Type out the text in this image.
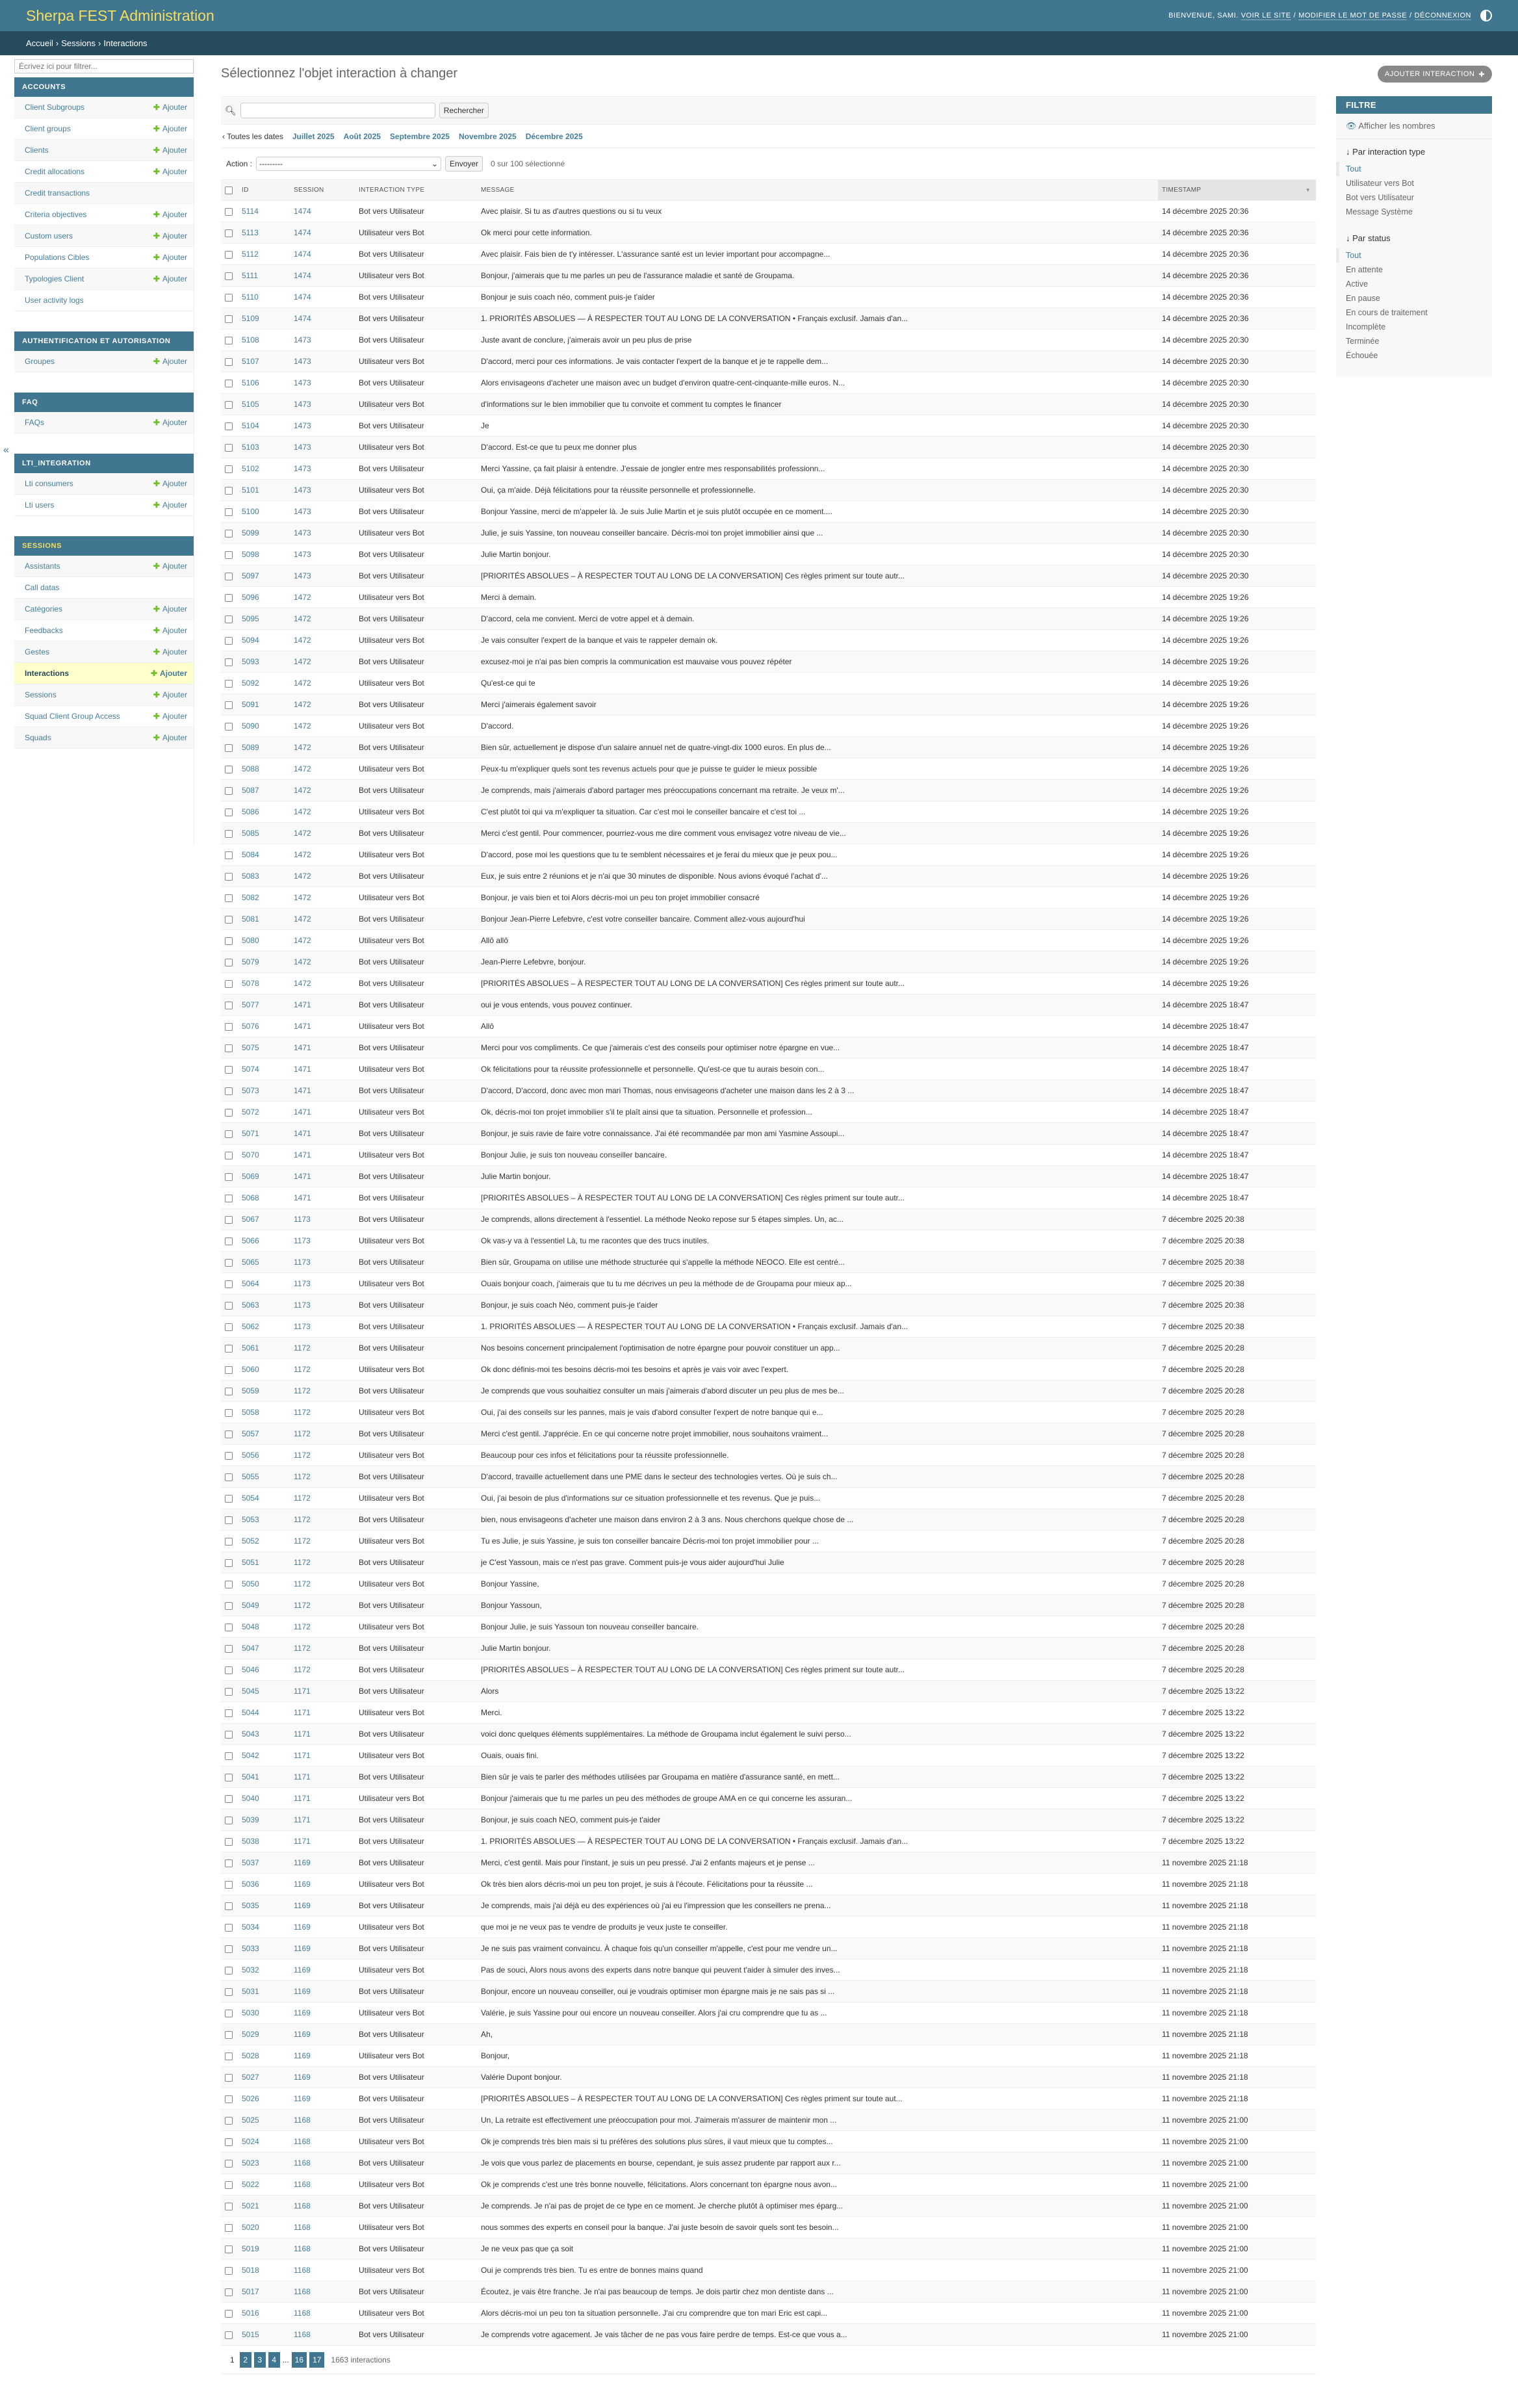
Sherpa FEST Administration	BIENVENUE, SAMI. VOIR LE SITE / MODIFIER LE MOT DE PASSE / DÉCONNEXION
Accueil › Sessions › Interactions
«
Écrivez ici pour filtrer...
ACCOUNTS
Client Subgroups	✚ Ajouter
Client groups	✚ Ajouter
Clients	✚ Ajouter
Credit allocations	✚ Ajouter
Credit transactions
Criteria objectives	✚ Ajouter
Custom users	✚ Ajouter
Populations Cibles	✚ Ajouter
Typologies Client	✚ Ajouter
User activity logs
AUTHENTIFICATION ET AUTORISATION
Groupes	✚ Ajouter
FAQ
FAQs	✚ Ajouter
LTI_INTEGRATION
Lti consumers	✚ Ajouter
Lti users	✚ Ajouter
SESSIONS
Assistants	✚ Ajouter
Call datas
Catégories	✚ Ajouter
Feedbacks	✚ Ajouter
Gestes	✚ Ajouter
Interactions	✚ Ajouter
Sessions	✚ Ajouter
Squad Client Group Access	✚ Ajouter
Squads	✚ Ajouter
Sélectionnez l'objet interaction à changer	AJOUTER INTERACTION ✚
🔍︎	Rechercher
‹ Toutes les dates Juillet 2025 Août 2025 Septembre 2025 Novembre 2025 Décembre 2025
Action : ---------	⌄	Envoyer	0 sur 100 sélectionné
	ID	SESSION	INTERACTION TYPE	MESSAGE	TIMESTAMP ▼

	5114	1474	Bot vers Utilisateur	Avec plaisir. Si tu as d'autres questions ou si tu veux	14 décembre 2025 20:36
	5113	1474	Utilisateur vers Bot	Ok merci pour cette information.	14 décembre 2025 20:36
	5112	1474	Bot vers Utilisateur	Avec plaisir. Fais bien de t'y intéresser. L'assurance santé est un levier important pour accompagne...	14 décembre 2025 20:36
	5111	1474	Utilisateur vers Bot	Bonjour, j'aimerais que tu me parles un peu de l'assurance maladie et santé de Groupama.	14 décembre 2025 20:36
	5110	1474	Bot vers Utilisateur	Bonjour je suis coach néo, comment puis-je t'aider	14 décembre 2025 20:36
	5109	1474	Bot vers Utilisateur	1. PRIORITÉS ABSOLUES — À RESPECTER TOUT AU LONG DE LA CONVERSATION • Français exclusif. Jamais d'an...	14 décembre 2025 20:36
	5108	1473	Bot vers Utilisateur	Juste avant de conclure, j'aimerais avoir un peu plus de prise	14 décembre 2025 20:30
	5107	1473	Utilisateur vers Bot	D'accord, merci pour ces informations. Je vais contacter l'expert de la banque et je te rappelle dem...	14 décembre 2025 20:30
	5106	1473	Bot vers Utilisateur	Alors envisageons d'acheter une maison avec un budget d'environ quatre-cent-cinquante-mille euros. N...	14 décembre 2025 20:30
	5105	1473	Utilisateur vers Bot	d'informations sur le bien immobilier que tu convoite et comment tu comptes le financer	14 décembre 2025 20:30
	5104	1473	Bot vers Utilisateur	Je	14 décembre 2025 20:30
	5103	1473	Utilisateur vers Bot	D'accord. Est-ce que tu peux me donner plus	14 décembre 2025 20:30
	5102	1473	Bot vers Utilisateur	Merci Yassine, ça fait plaisir à entendre. J'essaie de jongler entre mes responsabilités professionn...	14 décembre 2025 20:30
	5101	1473	Utilisateur vers Bot	Oui, ça m'aide. Déjà félicitations pour ta réussite personnelle et professionnelle.	14 décembre 2025 20:30
	5100	1473	Bot vers Utilisateur	Bonjour Yassine, merci de m'appeler là. Je suis Julie Martin et je suis plutôt occupée en ce moment....	14 décembre 2025 20:30
	5099	1473	Utilisateur vers Bot	Julie, je suis Yassine, ton nouveau conseiller bancaire. Décris-moi ton projet immobilier ainsi que ...	14 décembre 2025 20:30
	5098	1473	Bot vers Utilisateur	Julie Martin bonjour.	14 décembre 2025 20:30
	5097	1473	Bot vers Utilisateur	[PRIORITÉS ABSOLUES – À RESPECTER TOUT AU LONG DE LA CONVERSATION] Ces règles priment sur toute autr...	14 décembre 2025 20:30
	5096	1472	Utilisateur vers Bot	Merci à demain.	14 décembre 2025 19:26
	5095	1472	Bot vers Utilisateur	D'accord, cela me convient. Merci de votre appel et à demain.	14 décembre 2025 19:26
	5094	1472	Utilisateur vers Bot	Je vais consulter l'expert de la banque et vais te rappeler demain ok.	14 décembre 2025 19:26
	5093	1472	Bot vers Utilisateur	excusez-moi je n'ai pas bien compris la communication est mauvaise vous pouvez répéter	14 décembre 2025 19:26
	5092	1472	Utilisateur vers Bot	Qu'est-ce qui te	14 décembre 2025 19:26
	5091	1472	Bot vers Utilisateur	Merci j'aimerais également savoir	14 décembre 2025 19:26
	5090	1472	Utilisateur vers Bot	D'accord.	14 décembre 2025 19:26
	5089	1472	Bot vers Utilisateur	Bien sûr, actuellement je dispose d'un salaire annuel net de quatre-vingt-dix 1000 euros. En plus de...	14 décembre 2025 19:26
	5088	1472	Utilisateur vers Bot	Peux-tu m'expliquer quels sont tes revenus actuels pour que je puisse te guider le mieux possible	14 décembre 2025 19:26
	5087	1472	Bot vers Utilisateur	Je comprends, mais j'aimerais d'abord partager mes préoccupations concernant ma retraite. Je veux m'...	14 décembre 2025 19:26
	5086	1472	Utilisateur vers Bot	C'est plutôt toi qui va m'expliquer ta situation. Car c'est moi le conseiller bancaire et c'est toi ...	14 décembre 2025 19:26
	5085	1472	Bot vers Utilisateur	Merci c'est gentil. Pour commencer, pourriez-vous me dire comment vous envisagez votre niveau de vie...	14 décembre 2025 19:26
	5084	1472	Utilisateur vers Bot	D'accord, pose moi les questions que tu te semblent nécessaires et je ferai du mieux que je peux pou...	14 décembre 2025 19:26
	5083	1472	Bot vers Utilisateur	Eux, je suis entre 2 réunions et je n'ai que 30 minutes de disponible. Nous avions évoqué l'achat d'...	14 décembre 2025 19:26
	5082	1472	Utilisateur vers Bot	Bonjour, je vais bien et toi Alors décris-moi un peu ton projet immobilier consacré	14 décembre 2025 19:26
	5081	1472	Bot vers Utilisateur	Bonjour Jean-Pierre Lefebvre, c'est votre conseiller bancaire. Comment allez-vous aujourd'hui	14 décembre 2025 19:26
	5080	1472	Utilisateur vers Bot	Allô allô	14 décembre 2025 19:26
	5079	1472	Bot vers Utilisateur	Jean-Pierre Lefebvre, bonjour.	14 décembre 2025 19:26
	5078	1472	Bot vers Utilisateur	[PRIORITÉS ABSOLUES – À RESPECTER TOUT AU LONG DE LA CONVERSATION] Ces règles priment sur toute autr...	14 décembre 2025 19:26
	5077	1471	Bot vers Utilisateur	oui je vous entends, vous pouvez continuer.	14 décembre 2025 18:47
	5076	1471	Utilisateur vers Bot	Allô	14 décembre 2025 18:47
	5075	1471	Bot vers Utilisateur	Merci pour vos compliments. Ce que j'aimerais c'est des conseils pour optimiser notre épargne en vue...	14 décembre 2025 18:47
	5074	1471	Utilisateur vers Bot	Ok félicitations pour ta réussite professionnelle et personnelle. Qu'est-ce que tu aurais besoin con...	14 décembre 2025 18:47
	5073	1471	Bot vers Utilisateur	D'accord, D'accord, donc avec mon mari Thomas, nous envisageons d'acheter une maison dans les 2 à 3 ...	14 décembre 2025 18:47
	5072	1471	Utilisateur vers Bot	Ok, décris-moi ton projet immobilier s'il te plaît ainsi que ta situation. Personnelle et profession...	14 décembre 2025 18:47
	5071	1471	Bot vers Utilisateur	Bonjour, je suis ravie de faire votre connaissance. J'ai été recommandée par mon ami Yasmine Assoupi...	14 décembre 2025 18:47
	5070	1471	Utilisateur vers Bot	Bonjour Julie, je suis ton nouveau conseiller bancaire.	14 décembre 2025 18:47
	5069	1471	Bot vers Utilisateur	Julie Martin bonjour.	14 décembre 2025 18:47
	5068	1471	Bot vers Utilisateur	[PRIORITÉS ABSOLUES – À RESPECTER TOUT AU LONG DE LA CONVERSATION] Ces règles priment sur toute autr...	14 décembre 2025 18:47
	5067	1173	Bot vers Utilisateur	Je comprends, allons directement à l'essentiel. La méthode Neoko repose sur 5 étapes simples. Un, ac...	7 décembre 2025 20:38
	5066	1173	Utilisateur vers Bot	Ok vas-y va à l'essentiel Là, tu me racontes que des trucs inutiles.	7 décembre 2025 20:38
	5065	1173	Bot vers Utilisateur	Bien sûr, Groupama on utilise une méthode structurée qui s'appelle la méthode NEOCO. Elle est centré...	7 décembre 2025 20:38
	5064	1173	Utilisateur vers Bot	Ouais bonjour coach, j'aimerais que tu tu me décrives un peu la méthode de de Groupama pour mieux ap...	7 décembre 2025 20:38
	5063	1173	Bot vers Utilisateur	Bonjour, je suis coach Néo, comment puis-je t'aider	7 décembre 2025 20:38
	5062	1173	Bot vers Utilisateur	1. PRIORITÉS ABSOLUES — À RESPECTER TOUT AU LONG DE LA CONVERSATION • Français exclusif. Jamais d'an...	7 décembre 2025 20:38
	5061	1172	Bot vers Utilisateur	Nos besoins concernent principalement l'optimisation de notre épargne pour pouvoir constituer un app...	7 décembre 2025 20:28
	5060	1172	Utilisateur vers Bot	Ok donc définis-moi tes besoins décris-moi tes besoins et après je vais voir avec l'expert.	7 décembre 2025 20:28
	5059	1172	Bot vers Utilisateur	Je comprends que vous souhaitiez consulter un mais j'aimerais d'abord discuter un peu plus de mes be...	7 décembre 2025 20:28
	5058	1172	Utilisateur vers Bot	Oui, j'ai des conseils sur les pannes, mais je vais d'abord consulter l'expert de notre banque qui e...	7 décembre 2025 20:28
	5057	1172	Bot vers Utilisateur	Merci c'est gentil. J'apprécie. En ce qui concerne notre projet immobilier, nous souhaitons vraiment...	7 décembre 2025 20:28
	5056	1172	Utilisateur vers Bot	Beaucoup pour ces infos et félicitations pour ta réussite professionnelle.	7 décembre 2025 20:28
	5055	1172	Bot vers Utilisateur	D'accord, travaille actuellement dans une PME dans le secteur des technologies vertes. Où je suis ch...	7 décembre 2025 20:28
	5054	1172	Utilisateur vers Bot	Oui, j'ai besoin de plus d'informations sur ce situation professionnelle et tes revenus. Que je puis...	7 décembre 2025 20:28
	5053	1172	Bot vers Utilisateur	bien, nous envisageons d'acheter une maison dans environ 2 à 3 ans. Nous cherchons quelque chose de ...	7 décembre 2025 20:28
	5052	1172	Utilisateur vers Bot	Tu es Julie, je suis Yassine, je suis ton conseiller bancaire Décris-moi ton projet immobilier pour ...	7 décembre 2025 20:28
	5051	1172	Bot vers Utilisateur	je C'est Yassoun, mais ce n'est pas grave. Comment puis-je vous aider aujourd'hui Julie	7 décembre 2025 20:28
	5050	1172	Utilisateur vers Bot	Bonjour Yassine,	7 décembre 2025 20:28
	5049	1172	Bot vers Utilisateur	Bonjour Yassoun,	7 décembre 2025 20:28
	5048	1172	Utilisateur vers Bot	Bonjour Julie, je suis Yassoun ton nouveau conseiller bancaire.	7 décembre 2025 20:28
	5047	1172	Bot vers Utilisateur	Julie Martin bonjour.	7 décembre 2025 20:28
	5046	1172	Bot vers Utilisateur	[PRIORITÉS ABSOLUES – À RESPECTER TOUT AU LONG DE LA CONVERSATION] Ces règles priment sur toute autr...	7 décembre 2025 20:28
	5045	1171	Bot vers Utilisateur	Alors	7 décembre 2025 13:22
	5044	1171	Utilisateur vers Bot	Merci.	7 décembre 2025 13:22
	5043	1171	Bot vers Utilisateur	voici donc quelques éléments supplémentaires. La méthode de Groupama inclut également le suivi perso...	7 décembre 2025 13:22
	5042	1171	Utilisateur vers Bot	Ouais, ouais fini.	7 décembre 2025 13:22
	5041	1171	Bot vers Utilisateur	Bien sûr je vais te parler des méthodes utilisées par Groupama en matière d'assurance santé, en mett...	7 décembre 2025 13:22
	5040	1171	Utilisateur vers Bot	Bonjour j'aimerais que tu me parles un peu des méthodes de groupe AMA en ce qui concerne les assuran...	7 décembre 2025 13:22
	5039	1171	Bot vers Utilisateur	Bonjour, je suis coach NEO, comment puis-je t'aider	7 décembre 2025 13:22
	5038	1171	Bot vers Utilisateur	1. PRIORITÉS ABSOLUES — À RESPECTER TOUT AU LONG DE LA CONVERSATION • Français exclusif. Jamais d'an...	7 décembre 2025 13:22
	5037	1169	Bot vers Utilisateur	Merci, c'est gentil. Mais pour l'instant, je suis un peu pressé. J'ai 2 enfants majeurs et je pense ...	11 novembre 2025 21:18
	5036	1169	Utilisateur vers Bot	Ok très bien alors décris-moi un peu ton projet, je suis à l'écoute. Félicitations pour ta réussite ...	11 novembre 2025 21:18
	5035	1169	Bot vers Utilisateur	Je comprends, mais j'ai déjà eu des expériences où j'ai eu l'impression que les conseillers ne prena...	11 novembre 2025 21:18
	5034	1169	Utilisateur vers Bot	que moi je ne veux pas te vendre de produits je veux juste te conseiller.	11 novembre 2025 21:18
	5033	1169	Bot vers Utilisateur	Je ne suis pas vraiment convaincu. À chaque fois qu'un conseiller m'appelle, c'est pour me vendre un...	11 novembre 2025 21:18
	5032	1169	Utilisateur vers Bot	Pas de souci, Alors nous avons des experts dans notre banque qui peuvent t'aider à simuler des inves...	11 novembre 2025 21:18
	5031	1169	Bot vers Utilisateur	Bonjour, encore un nouveau conseiller, oui je voudrais optimiser mon épargne mais je ne sais pas si ...	11 novembre 2025 21:18
	5030	1169	Utilisateur vers Bot	Valérie, je suis Yassine pour oui encore un nouveau conseiller. Alors j'ai cru comprendre que tu as ...	11 novembre 2025 21:18
	5029	1169	Bot vers Utilisateur	Ah,	11 novembre 2025 21:18
	5028	1169	Utilisateur vers Bot	Bonjour,	11 novembre 2025 21:18
	5027	1169	Bot vers Utilisateur	Valérie Dupont bonjour.	11 novembre 2025 21:18
	5026	1169	Bot vers Utilisateur	[PRIORITÉS ABSOLUES – À RESPECTER TOUT AU LONG DE LA CONVERSATION] Ces règles priment sur toute aut...	11 novembre 2025 21:18
	5025	1168	Bot vers Utilisateur	Un, La retraite est effectivement une préoccupation pour moi. J'aimerais m'assurer de maintenir mon ...	11 novembre 2025 21:00
	5024	1168	Utilisateur vers Bot	Ok je comprends très bien mais si tu préfères des solutions plus sûres, il vaut mieux que tu comptes...	11 novembre 2025 21:00
	5023	1168	Bot vers Utilisateur	Je vois que vous parlez de placements en bourse, cependant, je suis assez prudente par rapport aux r...	11 novembre 2025 21:00
	5022	1168	Utilisateur vers Bot	Ok je comprends c'est une très bonne nouvelle, félicitations. Alors concernant ton épargne nous avon...	11 novembre 2025 21:00
	5021	1168	Bot vers Utilisateur	Je comprends. Je n'ai pas de projet de ce type en ce moment. Je cherche plutôt à optimiser mes éparg...	11 novembre 2025 21:00
	5020	1168	Utilisateur vers Bot	nous sommes des experts en conseil pour la banque. J'ai juste besoin de savoir quels sont tes besoin...	11 novembre 2025 21:00
	5019	1168	Bot vers Utilisateur	Je ne veux pas que ça soit	11 novembre 2025 21:00
	5018	1168	Utilisateur vers Bot	Oui je comprends très bien. Tu es entre de bonnes mains quand	11 novembre 2025 21:00
	5017	1168	Bot vers Utilisateur	Écoutez, je vais être franche. Je n'ai pas beaucoup de temps. Je dois partir chez mon dentiste dans ...	11 novembre 2025 21:00
	5016	1168	Utilisateur vers Bot	Alors décris-moi un peu ton ta situation personnelle. J'ai cru comprendre que ton mari Eric est capi...	11 novembre 2025 21:00
	5015	1168	Bot vers Utilisateur	Je comprends votre agacement. Je vais tâcher de ne pas vous faire perdre de temps. Est-ce que vous a...	11 novembre 2025 21:00
1	2	3	4 ... 16	17	1663 interactions
FILTRE
👁︎ Afficher les nombres
↓ Par interaction type
Tout
Utilisateur vers Bot
Bot vers Utilisateur
Message Système
↓ Par status
Tout
En attente
Active
En pause
En cours de traitement
Incomplète
Terminée
Échouée
